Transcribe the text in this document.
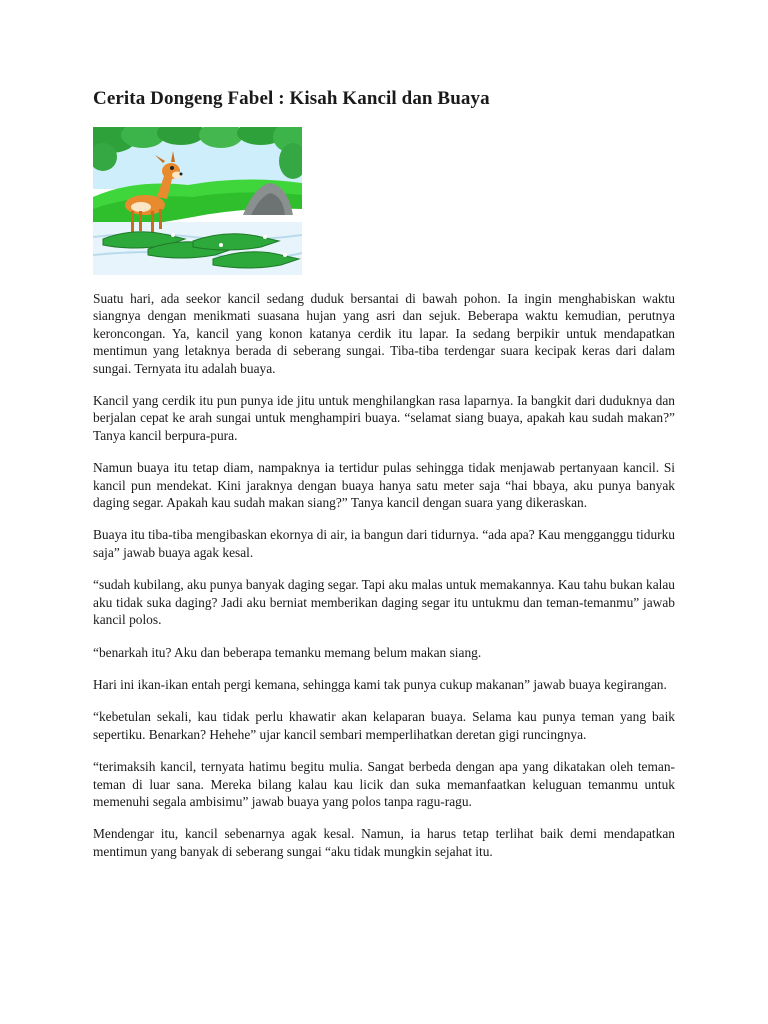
Cerita Dongeng Fabel : Kisah Kancil dan Buaya

Suatu hari, ada seekor kancil sedang duduk bersantai di bawah pohon. Ia ingin menghabiskan waktu siangnya dengan menikmati suasana hujan yang asri dan sejuk. Beberapa waktu kemudian, perutnya keroncongan. Ya, kancil yang konon katanya cerdik itu lapar. Ia sedang berpikir untuk mendapatkan mentimun yang letaknya berada di seberang sungai. Tiba-tiba terdengar suara kecipak keras dari dalam sungai. Ternyata itu adalah buaya.

Kancil yang cerdik itu pun punya ide jitu untuk menghilangkan rasa laparnya. Ia bangkit dari duduknya dan berjalan cepat ke arah sungai untuk menghampiri buaya. “selamat siang buaya, apakah kau sudah makan?” Tanya kancil berpura-pura.

Namun buaya itu tetap diam, nampaknya ia tertidur pulas sehingga tidak menjawab pertanyaan kancil. Si kancil pun mendekat. Kini jaraknya dengan buaya hanya satu meter saja “hai bbaya, aku punya banyak daging segar. Apakah kau sudah makan siang?” Tanya kancil dengan suara yang dikeraskan.

Buaya itu tiba-tiba mengibaskan ekornya di air, ia bangun dari tidurnya. “ada apa? Kau mengganggu tidurku saja” jawab buaya agak kesal.

“sudah kubilang, aku punya banyak daging segar. Tapi aku malas untuk memakannya. Kau tahu bukan kalau aku tidak suka daging? Jadi aku berniat memberikan daging segar itu untukmu dan teman-temanmu” jawab kancil polos.

“benarkah itu? Aku dan beberapa temanku memang belum makan siang.

Hari ini ikan-ikan entah pergi kemana, sehingga kami tak punya cukup makanan” jawab buaya kegirangan.

“kebetulan sekali, kau tidak perlu khawatir akan kelaparan buaya. Selama kau punya teman yang baik sepertiku. Benarkan? Hehehe” ujar kancil sembari memperlihatkan deretan gigi runcingnya.

“terimaksih kancil, ternyata hatimu begitu mulia. Sangat berbeda dengan apa yang dikatakan oleh teman-teman di luar sana. Mereka bilang kalau kau licik dan suka memanfaatkan keluguan temanmu untuk memenuhi segala ambisimu” jawab buaya yang polos tanpa ragu-ragu.

Mendengar itu, kancil sebenarnya agak kesal. Namun, ia harus tetap terlihat baik demi mendapatkan mentimun yang banyak di seberang sungai “aku tidak mungkin sejahat itu.
